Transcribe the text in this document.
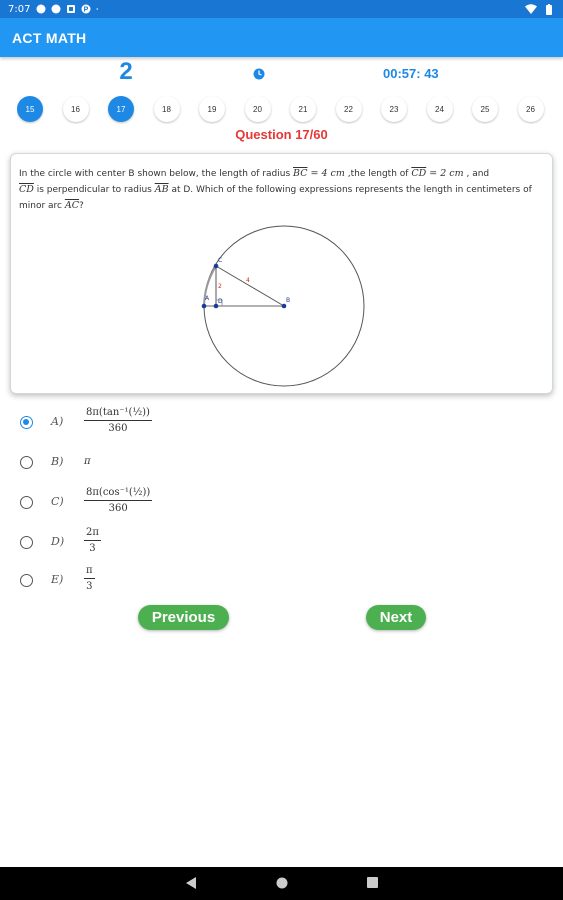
7:07	P
ACT MATH
2	00:57: 43
15	16	17	18	19	20	21	22	23	24	25	26
Question 17/60
In the circle with center B shown below, the length of radius $\overline{BC} = 4$ cm ,the length of $\overline{CD} = 2$ cm , and
$\overline{CD}$ is perpendicular to radius $\overline{AB}$ at D. Which of the following expressions represents the length in centimeters of minor arc $\overline{AC}$?
C
A D	B
4
2
$A) \frac{\text{8π(tan⁻¹(½))}}{360}$
B) π
$C) \frac{\text{8π(cos⁻¹(½))}}{360}$
$D) \frac{2\pi}{3}$
$E) \frac{\pi}{3}$
Previous	Next
